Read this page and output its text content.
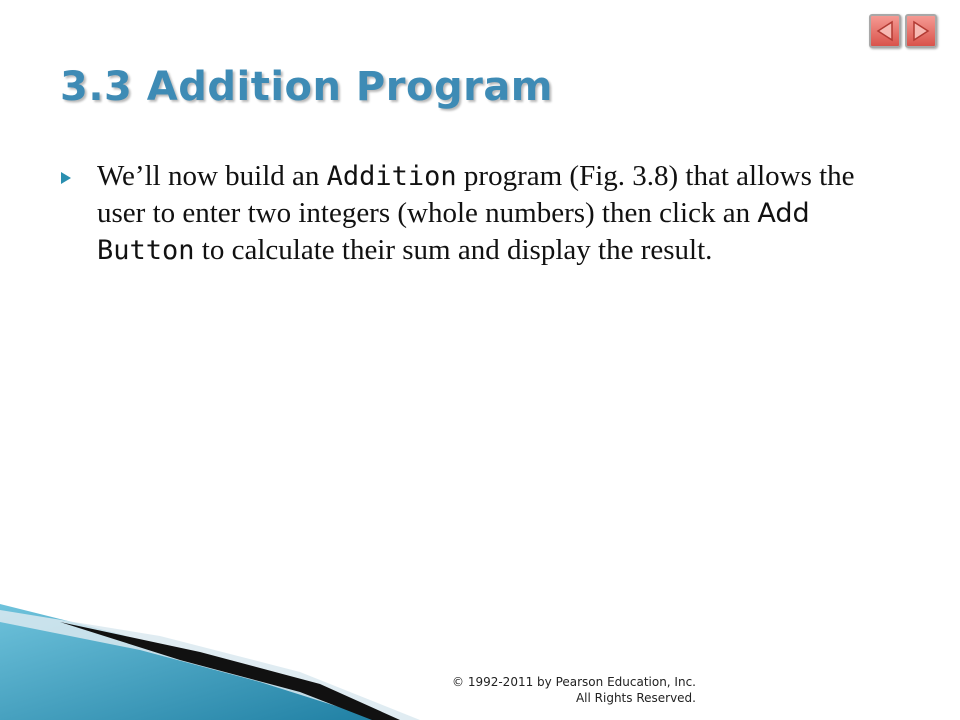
3.3 Addition Program

We’ll now build an Addition program (Fig. 3.8) that allows the user to enter two integers (whole numbers) then click an Add Button to calculate their sum and display the result.

© 1992-2011 by Pearson Education, Inc.
All Rights Reserved.
